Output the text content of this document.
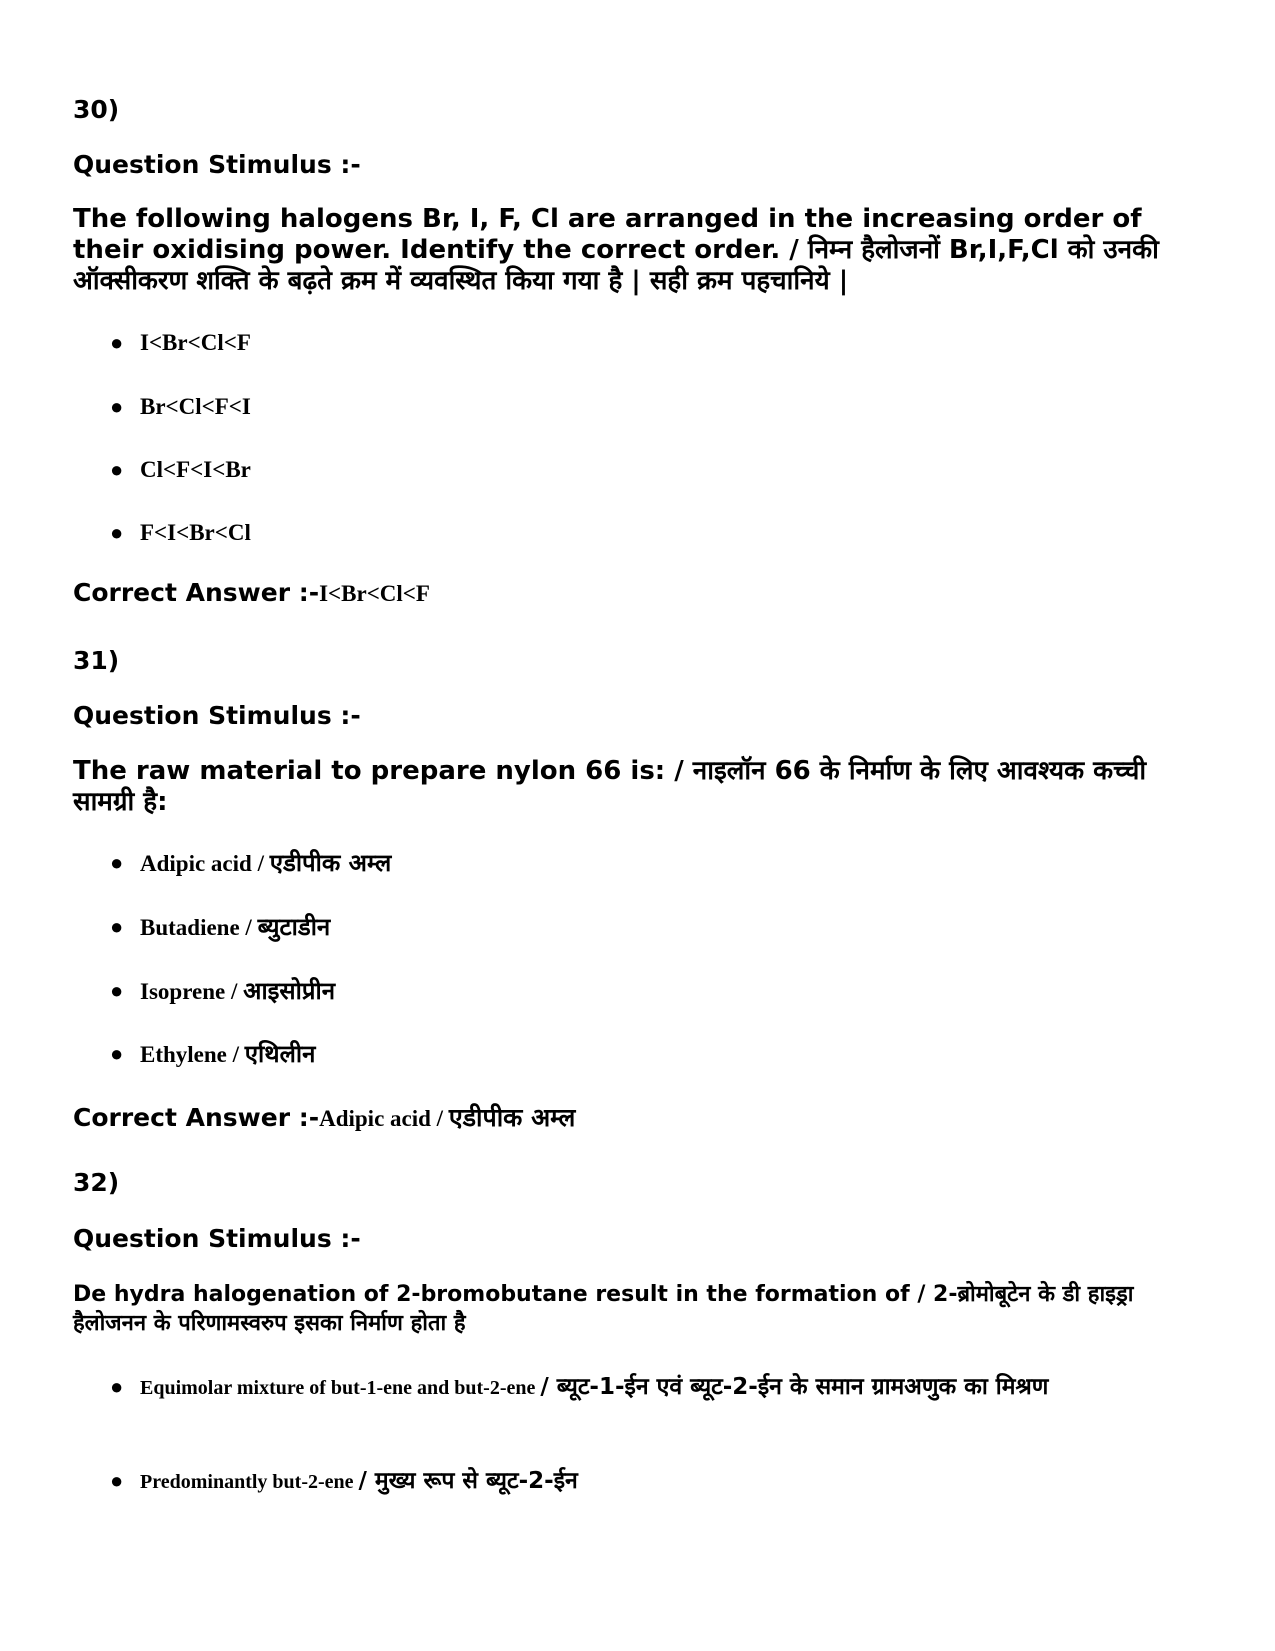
30)
Question Stimulus :-
The following halogens Br, I, F, Cl are arranged in the increasing order of their oxidising power. Identify the correct order. / निम्न हैलोजनों Br,I,F,Cl को उनकी ऑक्सीकरण शक्ति के बढ़ते क्रम में व्यवस्थित किया गया है | सही क्रम पहचानिये |
● I<Br<Cl<F
● Br<Cl<F<I
● Cl<F<I<Br
● F<I<Br<Cl
Correct Answer :-I<Br<Cl<F
31)
Question Stimulus :-
The raw material to prepare nylon 66 is: / नाइलॉन 66 के निर्माण के लिए आवश्यक कच्ची सामग्री है:
● Adipic acid / एडीपीक अम्ल
● Butadiene / ब्युटाडीन
● Isoprene / आइसोप्रीन
● Ethylene / एथिलीन
Correct Answer :-Adipic acid / एडीपीक अम्ल
32)
Question Stimulus :-
De hydra halogenation of 2-bromobutane result in the formation of / 2-ब्रोमोबूटेन के डी हाइड्रा हैलोजनन के परिणामस्वरुप इसका निर्माण होता है
● Equimolar mixture of but-1-ene and but-2-ene / ब्यूट-1-ईन एवं ब्यूट-2-ईन के समान ग्रामअणुक का मिश्रण
● Predominantly but-2-ene / मुख्य रूप से ब्यूट-2-ईन
